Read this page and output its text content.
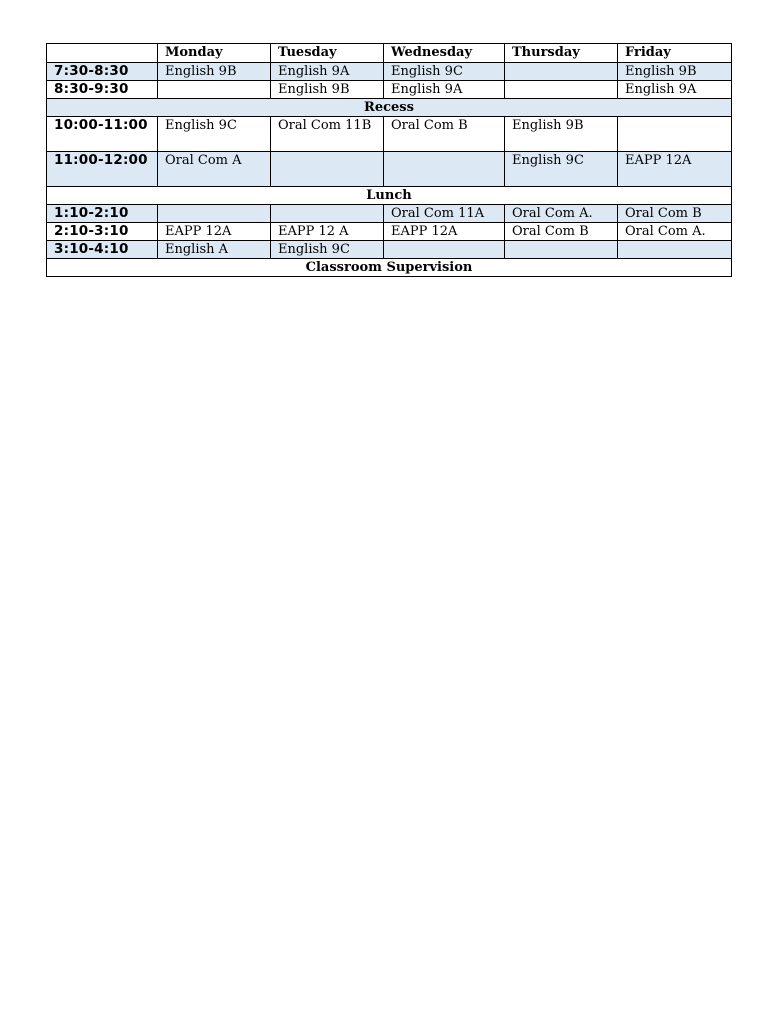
	Monday	Tuesday	Wednesday	Thursday	Friday
7:30-8:30	English 9B	English 9A	English 9C		English 9B
8:30-9:30		English 9B	English 9A		English 9A
Recess					
10:00-11:00	English 9C	Oral Com 11B	Oral Com B	English 9B	
11:00-12:00	Oral Com A			English 9C	EAPP 12A
Lunch					
1:10-2:10			Oral Com 11A	Oral Com A.	Oral Com B
2:10-3:10	EAPP 12A	EAPP 12 A	EAPP 12A	Oral Com B	Oral Com A.
3:10-4:10	English A	English 9C			
Classroom Supervision					
